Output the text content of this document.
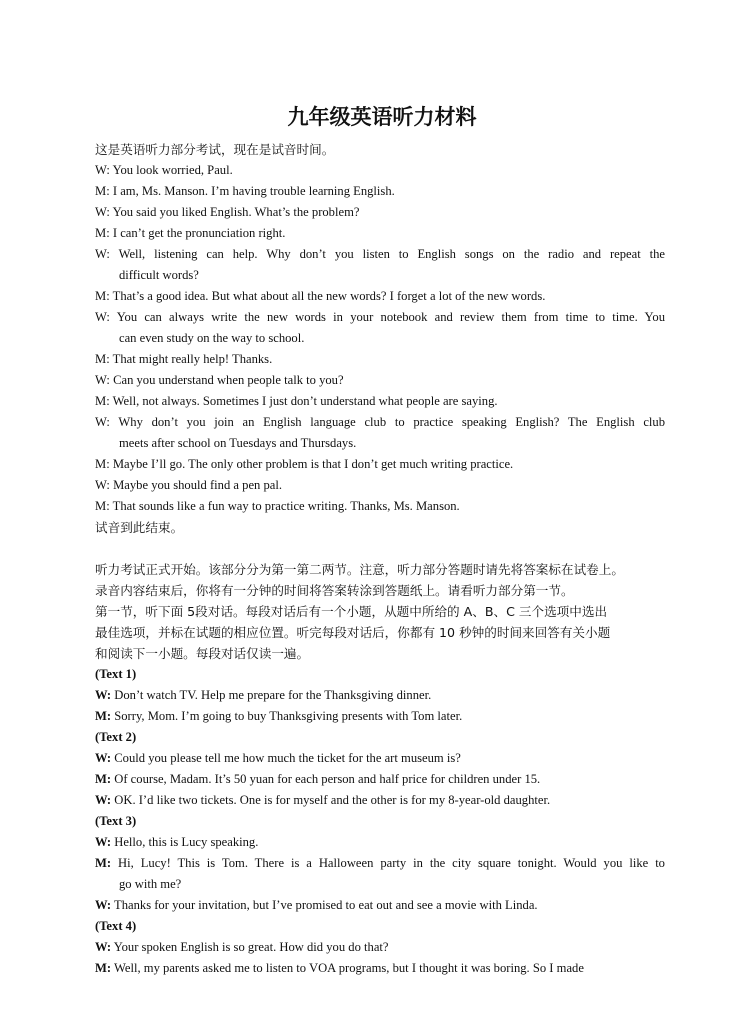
九年级英语听力材料
这是英语听力部分考试，现在是试音时间。
W: You look worried, Paul.
M: I am, Ms. Manson. I’m having trouble learning English.
W: You said you liked English. What’s the problem?
M: I can’t get the pronunciation right.
W: Well, listening can help. Why don’t you listen to English songs on the radio and repeat the
difficult words?
M: That’s a good idea. But what about all the new words? I forget a lot of the new words.
W: You can always write the new words in your notebook and review them from time to time. You
can even study on the way to school.
M: That might really help! Thanks.
W: Can you understand when people talk to you?
M: Well, not always. Sometimes I just don’t understand what people are saying.
W: Why don’t you join an English language club to practice speaking English? The English club
meets after school on Tuesdays and Thursdays.
M: Maybe I’ll go. The only other problem is that I don’t get much writing practice.
W: Maybe you should find a pen pal.
M: That sounds like a fun way to practice writing. Thanks, Ms. Manson.
试音到此结束。
听力考试正式开始。该部分分为第一第二两节。注意，听力部分答题时请先将答案标在试卷上。
录音内容结束后，你将有一分钟的时间将答案转涂到答题纸上。请看听力部分第一节。
第一节，听下面 5段对话。每段对话后有一个小题，从题中所给的 A、B、C 三个选项中选出
最佳选项，并标在试题的相应位置。听完每段对话后，你都有 10 秒钟的时间来回答有关小题
和阅读下一小题。每段对话仅读一遍。
(Text 1)
W: Don’t watch TV. Help me prepare for the Thanksgiving dinner.
M: Sorry, Mom. I’m going to buy Thanksgiving presents with Tom later.
(Text 2)
W: Could you please tell me how much the ticket for the art museum is?
M: Of course, Madam. It’s 50 yuan for each person and half price for children under 15.
W: OK. I’d like two tickets. One is for myself and the other is for my 8-year-old daughter.
(Text 3)
W: Hello, this is Lucy speaking.
M: Hi, Lucy! This is Tom. There is a Halloween party in the city square tonight. Would you like to
go with me?
W: Thanks for your invitation, but I’ve promised to eat out and see a movie with Linda.
(Text 4)
W: Your spoken English is so great. How did you do that?
M: Well, my parents asked me to listen to VOA programs, but I thought it was boring. So I made
